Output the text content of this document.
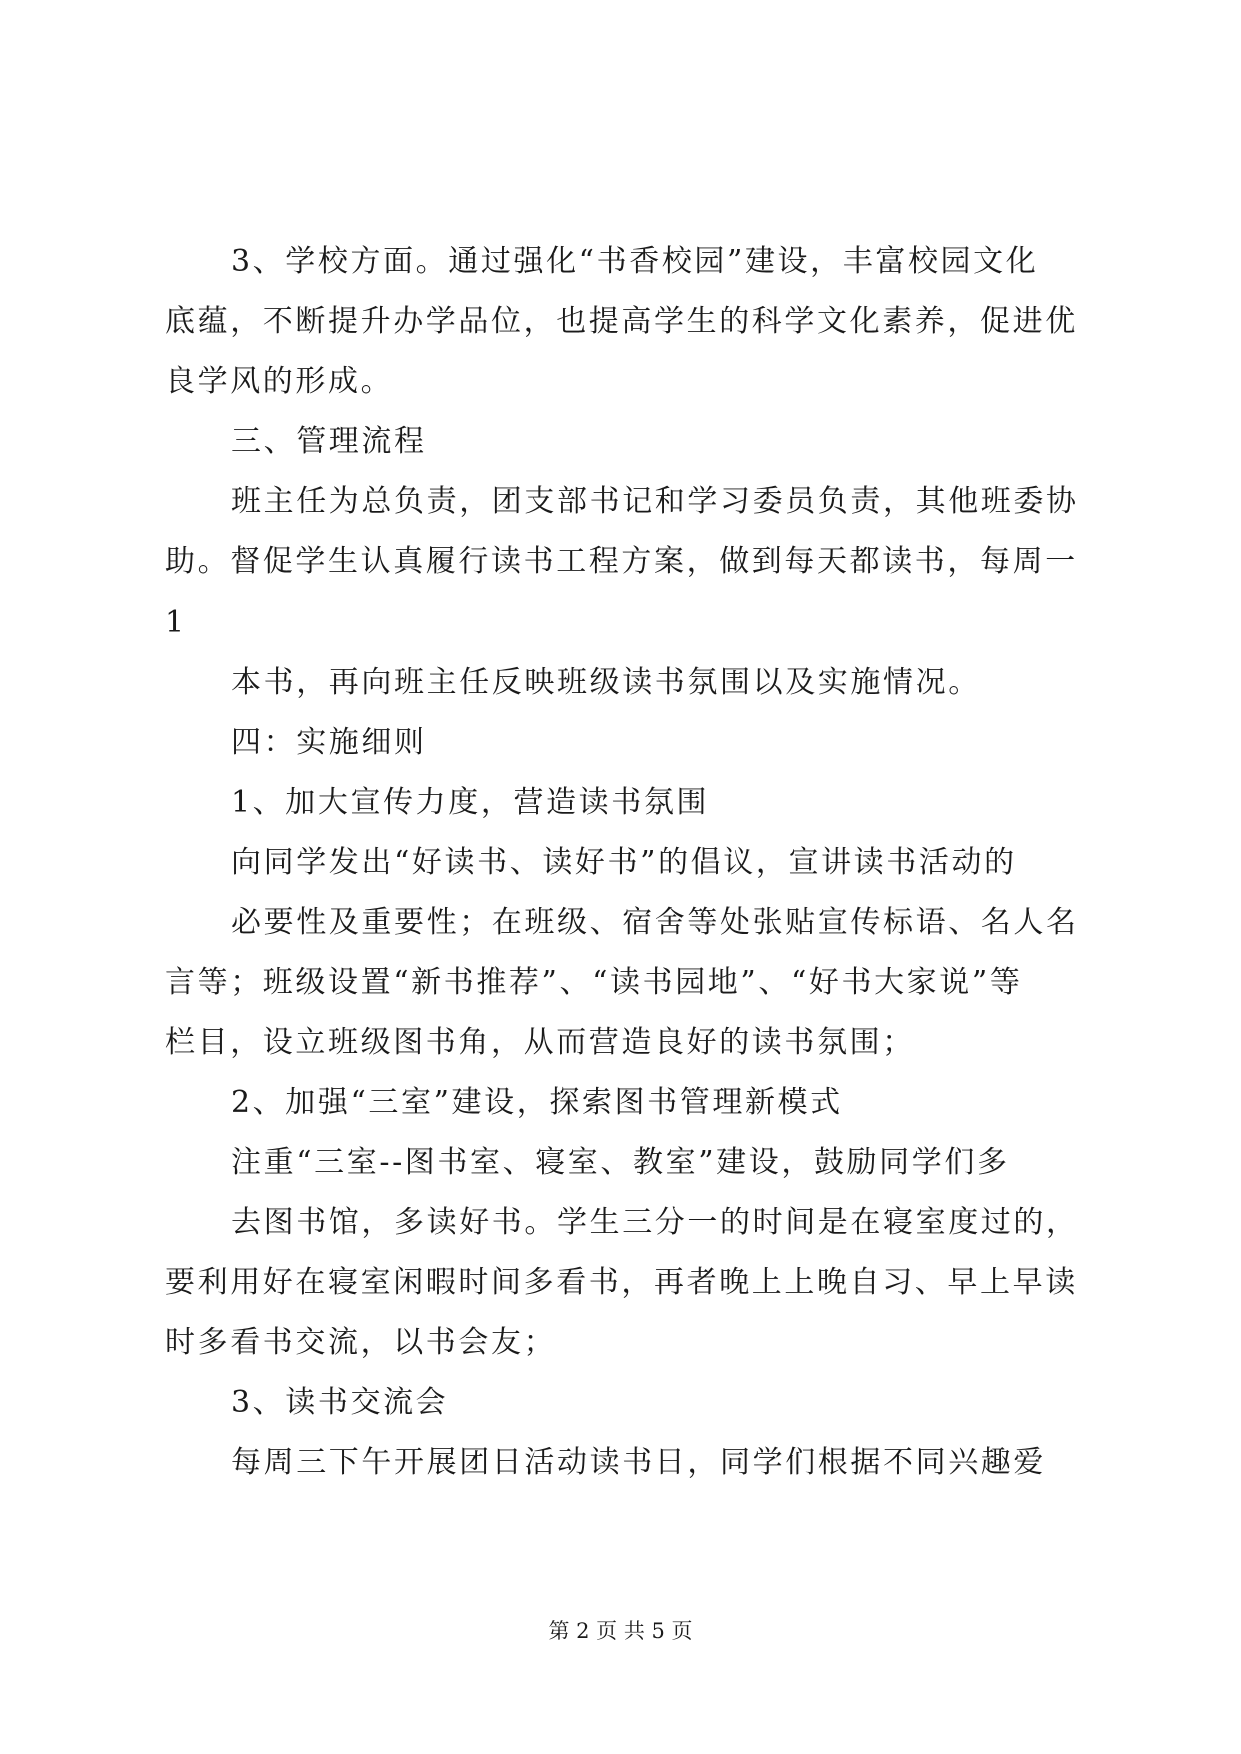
3、学校方面。通过强化“书香校园”建设，丰富校园文化

底蕴，不断提升办学品位，也提高学生的科学文化素养，促进优

良学风的形成。

三、管理流程

班主任为总负责，团支部书记和学习委员负责，其他班委协

助。督促学生认真履行读书工程方案，做到每天都读书，每周一

1

本书，再向班主任反映班级读书氛围以及实施情况。

四：实施细则

1、加大宣传力度，营造读书氛围

向同学发出“好读书、读好书”的倡议，宣讲读书活动的

必要性及重要性；在班级、宿舍等处张贴宣传标语、名人名

言等；班级设置“新书推荐”、“读书园地”、“好书大家说”等

栏目，设立班级图书角，从而营造良好的读书氛围；

2、加强“三室”建设，探索图书管理新模式

注重“三室--图书室、寝室、教室”建设，鼓励同学们多

去图书馆，多读好书。学生三分一的时间是在寝室度过的，

要利用好在寝室闲暇时间多看书，再者晚上上晚自习、早上早读

时多看书交流，以书会友；

3、读书交流会

每周三下午开展团日活动读书日，同学们根据不同兴趣爱

第 2 页 共 5 页
